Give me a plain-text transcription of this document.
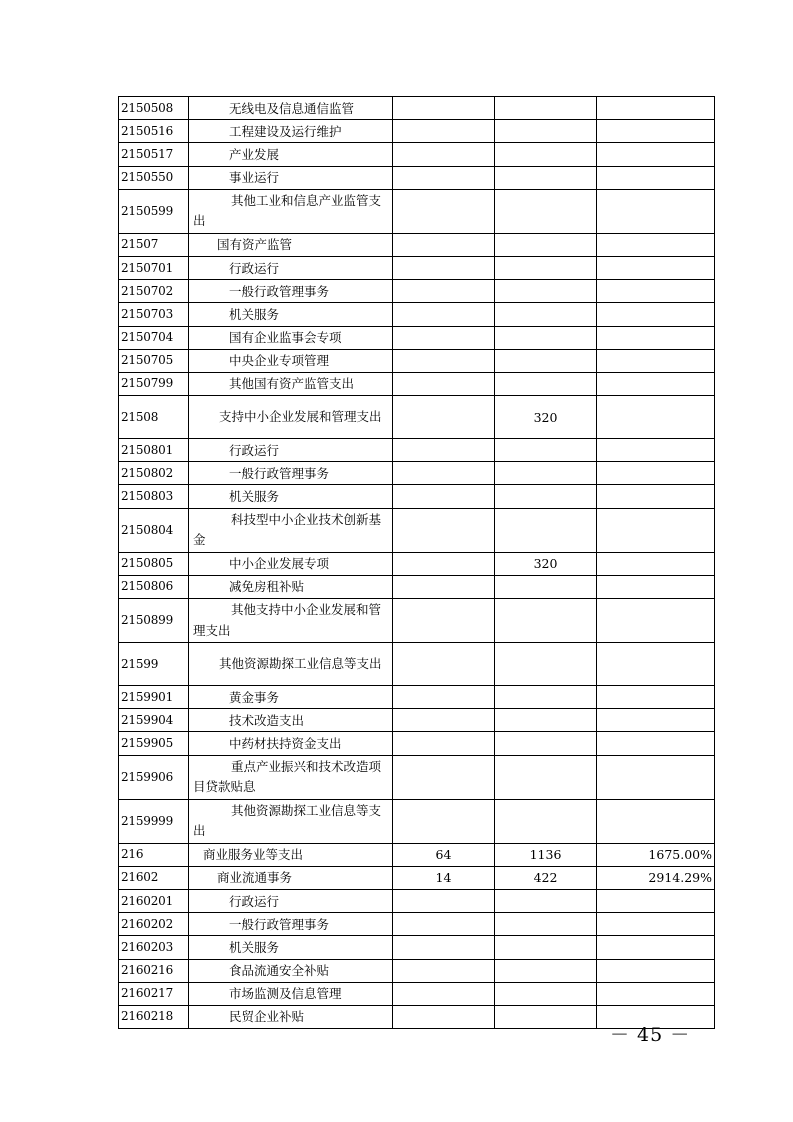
2150508	无线电及信息通信监管			
2150516	工程建设及运行维护			
2150517	产业发展			
2150550	事业运行			
2150599	其他工业和信息产业监管支出			
21507	国有资产监管			
2150701	行政运行			
2150702	一般行政管理事务			
2150703	机关服务			
2150704	国有企业监事会专项			
2150705	中央企业专项管理			
2150799	其他国有资产监管支出			
21508	支持中小企业发展和管理支出		320	
2150801	行政运行			
2150802	一般行政管理事务			
2150803	机关服务			
2150804	科技型中小企业技术创新基金			
2150805	中小企业发展专项		320	
2150806	减免房租补贴			
2150899	其他支持中小企业发展和管理支出			
21599	其他资源勘探工业信息等支出			
2159901	黄金事务			
2159904	技术改造支出			
2159905	中药材扶持资金支出			
2159906	重点产业振兴和技术改造项目贷款贴息			
2159999	其他资源勘探工业信息等支出			
216	商业服务业等支出	64	1136	1675.00%
21602	商业流通事务	14	422	2914.29%
2160201	行政运行			
2160202	一般行政管理事务			
2160203	机关服务			
2160216	食品流通安全补贴			
2160217	市场监测及信息管理			
2160218	民贸企业补贴			
－ 45 －
